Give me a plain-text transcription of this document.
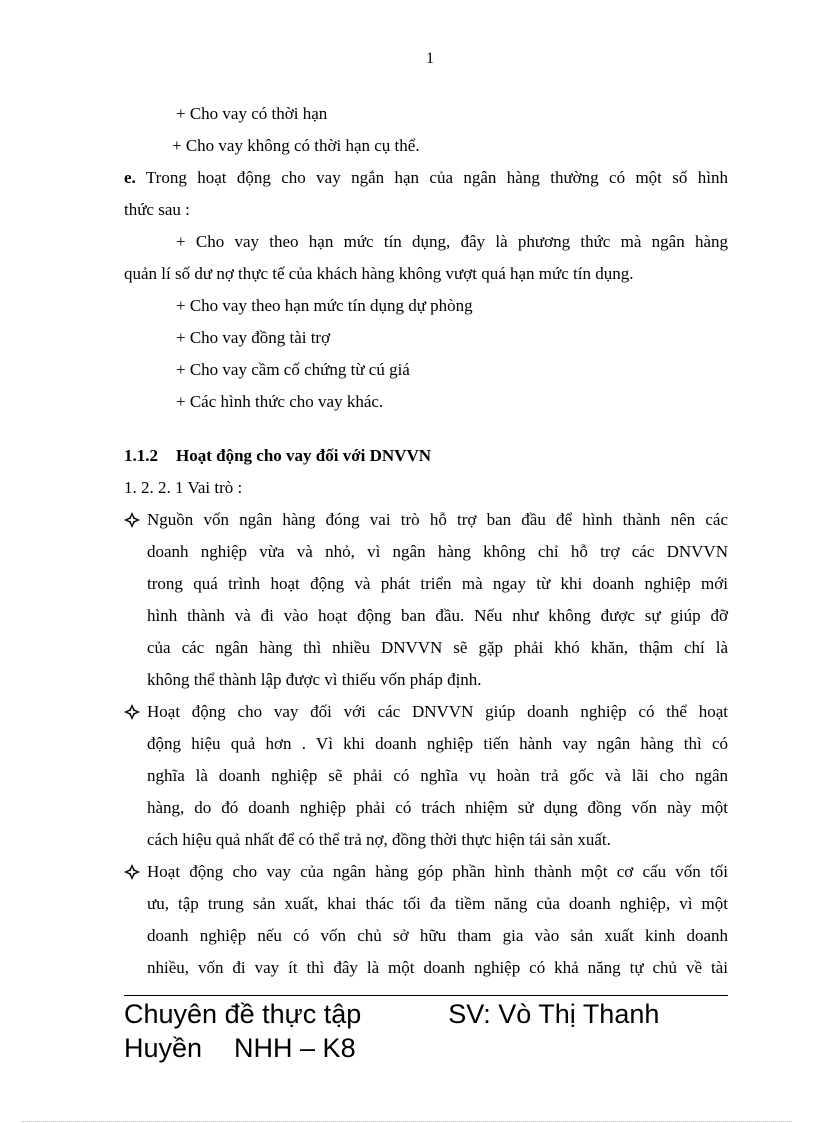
1
+ Cho vay có thời hạn
+ Cho vay không có thời hạn cụ thể.
e. Trong hoạt động cho vay ngắn hạn của ngân hàng thường có một số hình
thức sau :
+ Cho vay theo hạn mức tín dụng, đây là phương thức mà ngân hàng
quản lí số dư nợ thực tế của khách hàng không vượt quá hạn mức tín dụng.
+ Cho vay theo hạn mức tín dụng dự phòng
+ Cho vay đồng tài trợ
+ Cho vay cầm cố chứng từ cú giá
+ Các hình thức cho vay khác.
1.1.2 Hoạt động cho vay đối với DNVVN
1. 2. 2. 1 Vai trò :
Nguồn vốn ngân hàng đóng vai trò hỗ trợ ban đầu để hình thành nên các
doanh nghiệp vừa và nhỏ, vì ngân hàng không chỉ hỗ trợ các DNVVN
trong quá trình hoạt động và phát triển mà ngay từ khi doanh nghiệp mới
hình thành và đi vào hoạt động ban đầu. Nếu như không được sự giúp đỡ
của các ngân hàng thì nhiều DNVVN sẽ gặp phải khó khăn, thậm chí là
không thể thành lập được vì thiếu vốn pháp định.
Hoạt động cho vay đối với các DNVVN giúp doanh nghiệp có thể hoạt
động hiệu quả hơn . Vì khi doanh nghiệp tiến hành vay ngân hàng thì có
nghĩa là doanh nghiệp sẽ phải có nghĩa vụ hoàn trả gốc và lãi cho ngân
hàng, do đó doanh nghiệp phải có trách nhiệm sử dụng đồng vốn này một
cách hiệu quả nhất để có thể trả nợ, đồng thời thực hiện tái sản xuất.
Hoạt động cho vay của ngân hàng góp phần hình thành một cơ cấu vốn tối
ưu, tập trung sản xuất, khai thác tối đa tiềm năng của doanh nghiệp, vì một
doanh nghiệp nếu có vốn chủ sở hữu tham gia vào sản xuất kinh doanh
nhiều, vốn đi vay ít thì đây là một doanh nghiệp có khả năng tự chủ về tài
Chuyên đề thực tập	SV: Vò Thị Thanh
Huyền NHH – K8
